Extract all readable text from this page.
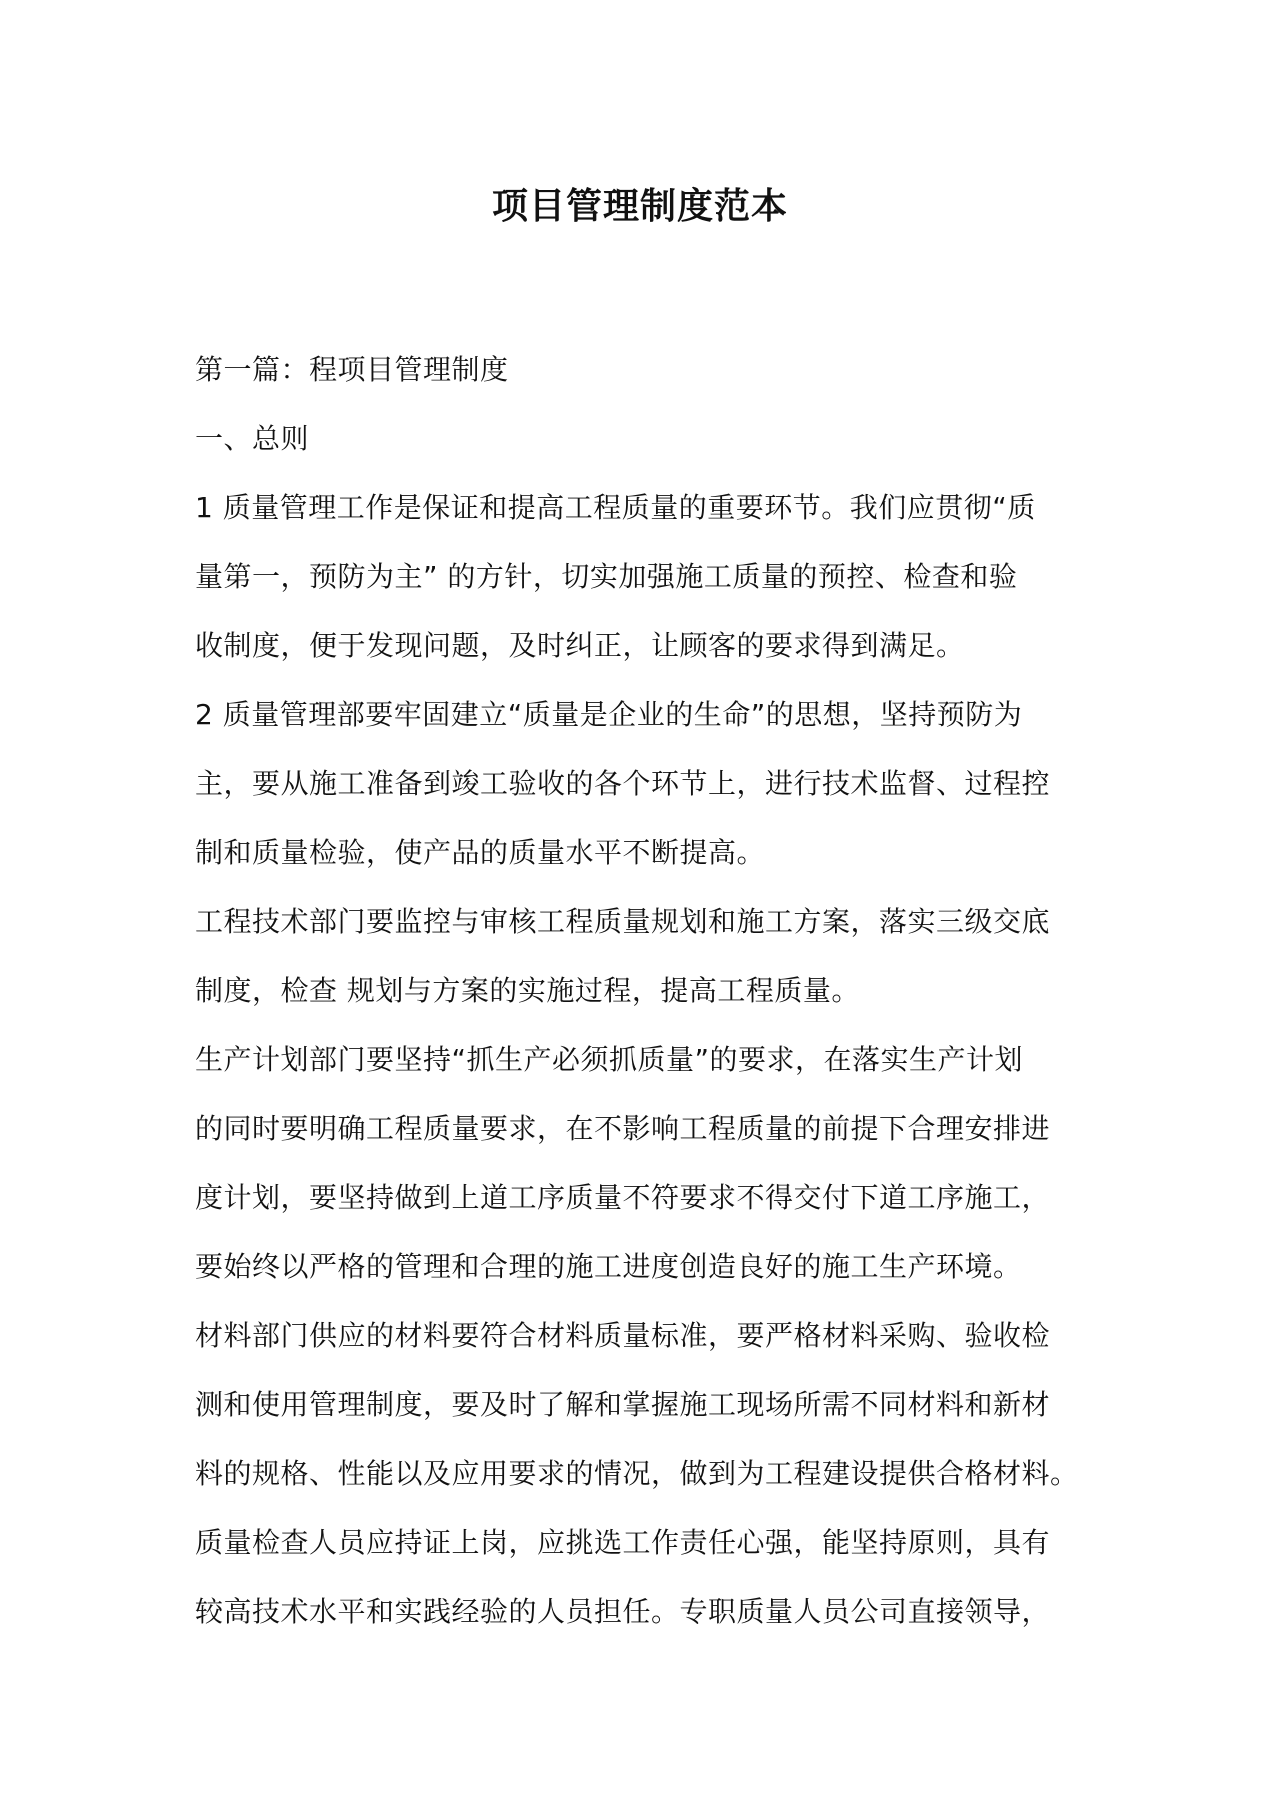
项目管理制度范本
第一篇：程项目管理制度
一、总则
1 质量管理工作是保证和提高工程质量的重要环节。我们应贯彻“质
量第一，预防为主” 的方针，切实加强施工质量的预控、检查和验
收制度，便于发现问题，及时纠正，让顾客的要求得到满足。
2 质量管理部要牢固建立“质量是企业的生命”的思想，坚持预防为
主，要从施工准备到竣工验收的各个环节上，进行技术监督、过程控
制和质量检验，使产品的质量水平不断提高。
工程技术部门要监控与审核工程质量规划和施工方案，落实三级交底
制度，检查 规划与方案的实施过程，提高工程质量。
生产计划部门要坚持“抓生产必须抓质量”的要求，在落实生产计划
的同时要明确工程质量要求，在不影响工程质量的前提下合理安排进
度计划，要坚持做到上道工序质量不符要求不得交付下道工序施工，
要始终以严格的管理和合理的施工进度创造良好的施工生产环境。
材料部门供应的材料要符合材料质量标准，要严格材料采购、验收检
测和使用管理制度，要及时了解和掌握施工现场所需不同材料和新材
料的规格、性能以及应用要求的情况，做到为工程建设提供合格材料。
质量检查人员应持证上岗，应挑选工作责任心强，能坚持原则，具有
较高技术水平和实践经验的人员担任。专职质量人员公司直接领导，
